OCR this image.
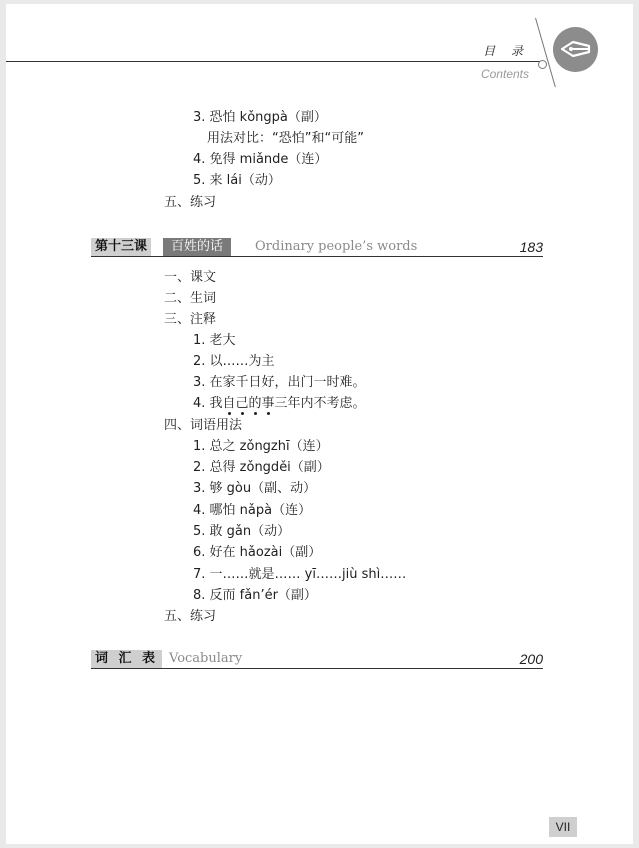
目 录
Contents
3. 恐怕 kǒngpà（副）
用法对比：“恐怕”和“可能”
4. 免得 miǎnde（连）
5. 来 lái（动）
五、练习
第十三课	百姓的话	Ordinary people’s words	183
一、课文
二、生词
三、注释
1. 老大
2. 以……为主
3. 在家千日好，出门一时难。
4. 我自己的事三年内不考虑。
四、词语用法
1. 总之 zǒngzhī（连）
2. 总得 zǒngděi（副）
3. 够 gòu（副、动）
4. 哪怕 nǎpà（连）
5. 敢 gǎn（动）
6. 好在 hǎozài（副）
7. 一……就是…… yī……jiù shì……
8. 反而 fǎn’ér（副）
五、练习
词 汇 表 Vocabulary	200
VII
